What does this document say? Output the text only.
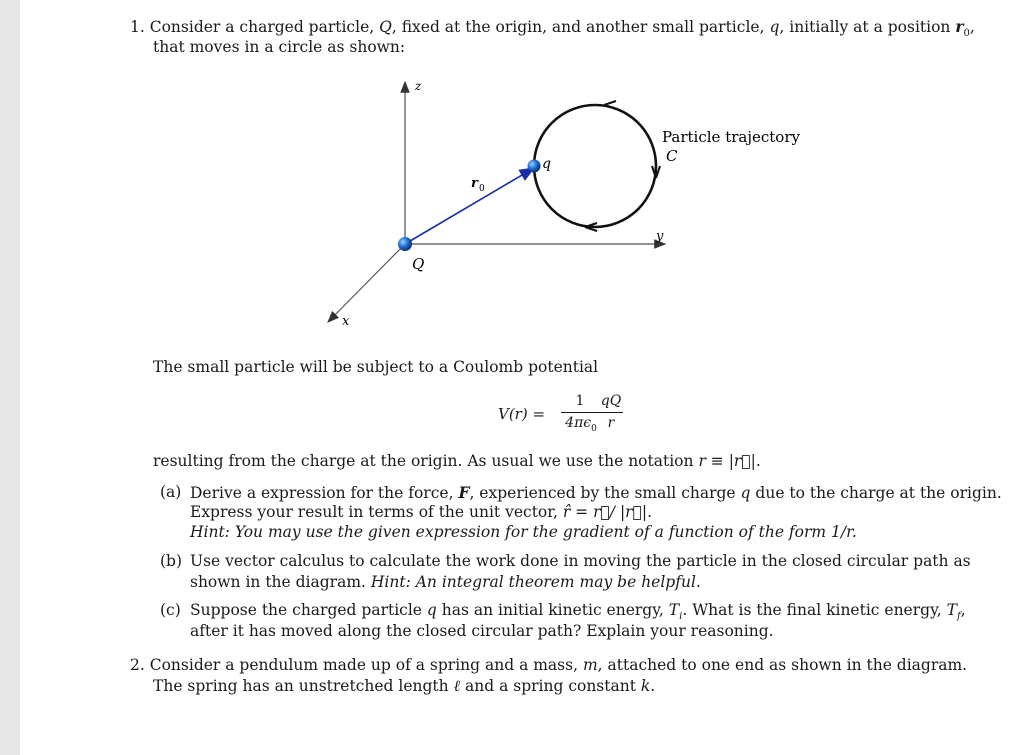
1. Consider a charged particle, Q, fixed at the origin, and another small particle, q, initially at a position $r_0$,
that moves in a circle as shown:
z
y
x
Q
q
r 0
Particle trajectory
C
The small particle will be subject to a Coulomb potential
V(r) =
1
$4\pi\epsilon_0$
qQ
r
resulting from the charge at the origin. As usual we use the notation r ≡ |r⃗|.
(a) Derive a expression for the force, F, experienced by the small charge q due to the charge at the origin.
Express your result in terms of the unit vector, r̂ = r⃗/ |r⃗|.
Hint: You may use the given expression for the gradient of a function of the form 1/r.
(b) Use vector calculus to calculate the work done in moving the particle in the closed circular path as
shown in the diagram. Hint: An integral theorem may be helpful.
(c) Suppose the charged particle q has an initial kinetic energy, $T_i$. What is the final kinetic energy, $T_f$,
after it has moved along the closed circular path? Explain your reasoning.
2. Consider a pendulum made up of a spring and a mass, m, attached to one end as shown in the diagram.
The spring has an unstretched length ℓ and a spring constant k.
